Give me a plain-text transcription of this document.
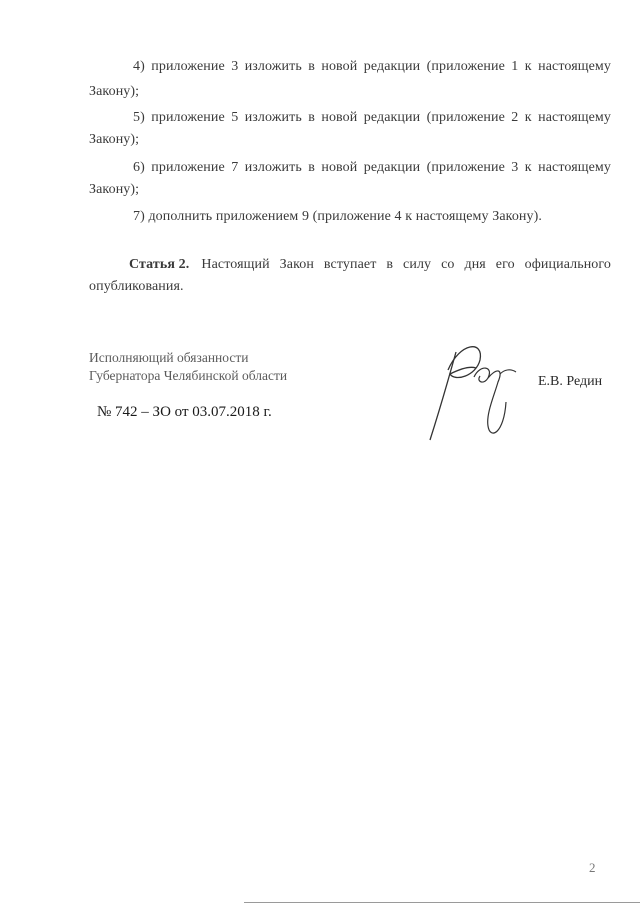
4) приложение 3 изложить в новой редакции (приложение 1 к настоящему
Закону);
5) приложение 5 изложить в новой редакции (приложение 2 к настоящему
Закону);
6) приложение 7 изложить в новой редакции (приложение 3 к настоящему
Закону);
7) дополнить приложением 9 (приложение 4 к настоящему Закону).
Статья 2. Настоящий Закон вступает в силу со дня его официального
опубликования.
Исполняющий обязанности
Губернатора Челябинской области	Е.В. Редин
№ 742 – ЗО от 03.07.2018 г.
2
